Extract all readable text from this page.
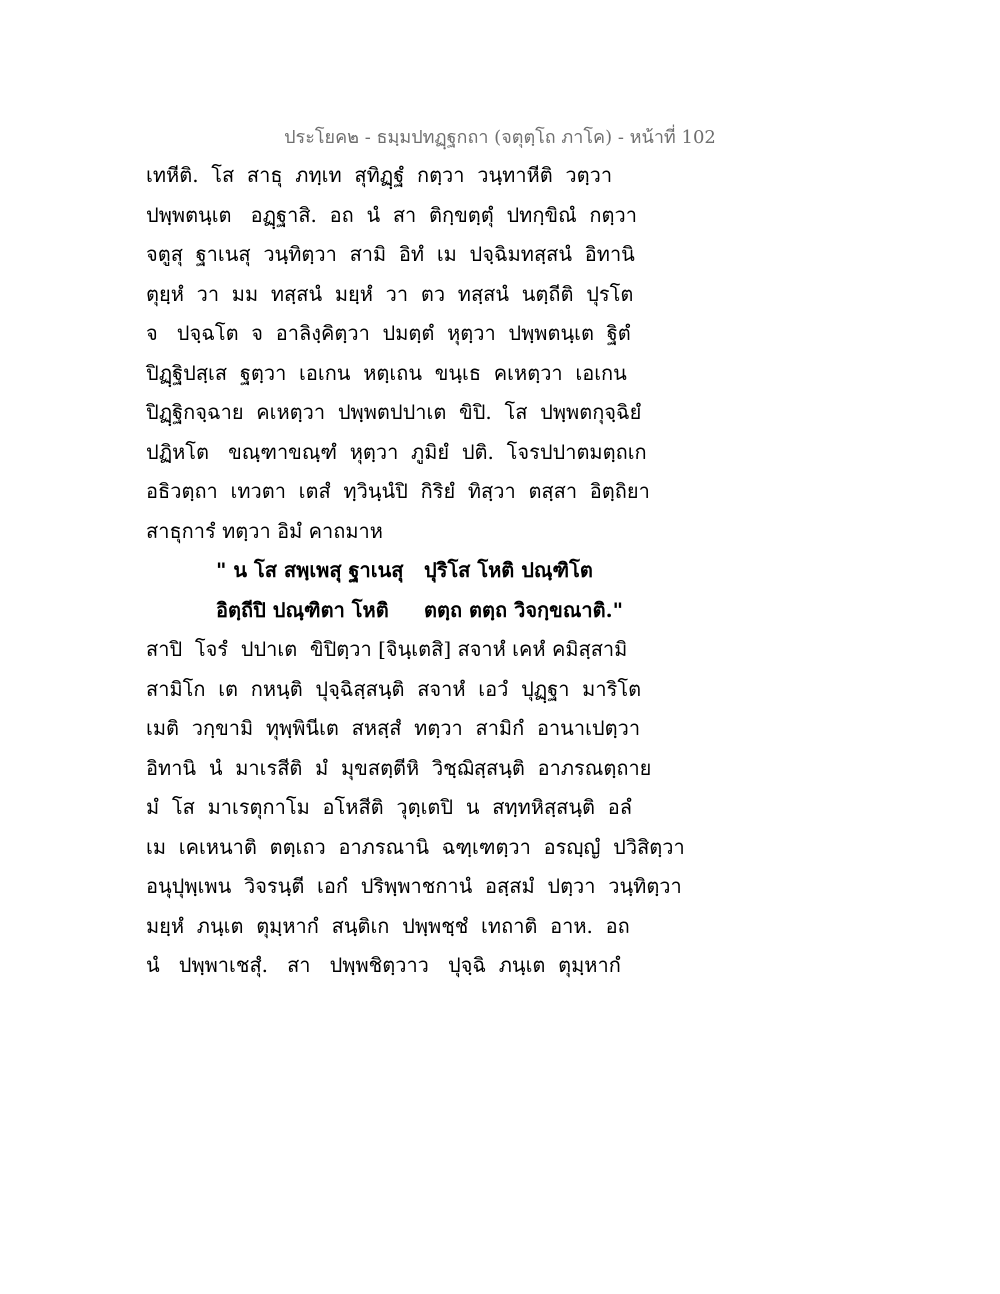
ประโยค๒ - ธมฺมปทฏฺฐกถา (จตุตฺโถ ภาโค) - หน้าที่ 102
เทหีติ.  โส  สาธุ  ภทฺเท  สุทิฏฺฐํ  กตฺวา  วนฺทาหีติ  วตฺวา
ปพฺพตนฺเต   อฏฺฐาสิ.  อถ  นํ  สา  ติกฺขตฺตุํ  ปทกฺขิณํ  กตฺวา
จตูสุ  ฐาเนสุ  วนฺทิตฺวา  สามิ  อิทํ  เม  ปจฺฉิมทสฺสนํ  อิทานิ
ตุยฺหํ  วา  มม  ทสฺสนํ  มยฺหํ  วา  ตว  ทสฺสนํ  นตฺถีติ  ปุรโต
จ   ปจฺฉโต  จ  อาลิงฺคิตฺวา  ปมตฺตํ  หุตฺวา  ปพฺพตนฺเต  ฐิตํ
ปิฏฺฐิปสฺเส  ฐตฺวา  เอเกน  หตฺเถน  ขนฺเธ  คเหตฺวา  เอเกน
ปิฏฺฐิกจฺฉาย  คเหตฺวา  ปพฺพตปปาเต  ขิปิ.  โส  ปพฺพตกุจฺฉิยํ
ปฏิหโต   ขณฺฑาขณฺฑํ  หุตฺวา  ภูมิยํ  ปติ.  โจรปปาตมตฺถเก
อธิวตฺถา  เทวตา  เตสํ  ทฺวินฺนํปิ  กิริยํ  ทิสฺวา  ตสฺสา  อิตฺถิยา
สาธุการํ ทตฺวา อิมํ คาถมาห
" น โส สพฺเพสุ ฐาเนสุ ปุริโส โหติ ปณฺฑิโต
อิตฺถีปิ ปณฺฑิตา โหติ ตตฺถ ตตฺถ วิจกฺขณาติ."
สาปิ  โจรํ  ปปาเต  ขิปิตฺวา [จินฺเตสิ] สจาหํ เคหํ คมิสฺสามิ
สามิโก  เต  กหนฺติ  ปุจฺฉิสฺสนฺติ  สจาหํ  เอวํ  ปุฏฺฐา  มาริโต
เมติ  วกฺขามิ  ทุพฺพินีเต  สหสฺสํ  ทตฺวา  สามิกํ  อานาเปตฺวา
อิทานิ  นํ  มาเรสีติ  มํ  มุขสตฺตีหิ  วิชฺฌิสฺสนฺติ  อาภรณตฺถาย
มํ  โส  มาเรตุกาโม  อโหสีติ  วุตฺเตปิ  น  สทฺทหิสฺสนฺติ  อลํ
เม  เคเหนาติ  ตตฺเถว  อาภรณานิ  ฉฑฺเฑตฺวา  อรญฺญํ  ปวิสิตฺวา
อนุปุพฺเพน  วิจรนฺตี  เอกํ  ปริพฺพาชกานํ  อสฺสมํ  ปตฺวา  วนฺทิตฺวา
มยฺหํ  ภนฺเต  ตุมฺหากํ  สนฺติเก  ปพฺพชฺชํ  เทถาติ  อาห.  อถ
นํ   ปพฺพาเชสุํ.   สา   ปพฺพชิตฺวาว   ปุจฺฉิ  ภนฺเต  ตุมฺหากํ
